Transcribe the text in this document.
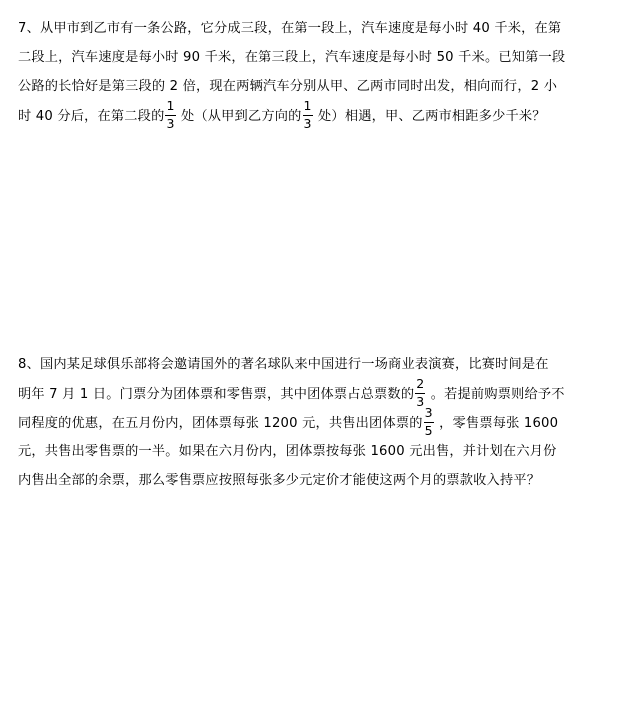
7、从甲市到乙市有一条公路，它分成三段，在第一段上，汽车速度是每小时 40 千米，在第
二段上，汽车速度是每小时 90 千米，在第三段上，汽车速度是每小时 50 千米。已知第一段
公路的长恰好是第三段的 2 倍，现在两辆汽车分别从甲、乙两市同时出发，相向而行，2 小
时 40 分后，在第二段的 $\frac{1}{3}$ 处（从甲到乙方向的 $\frac{1}{3}$ 处）相遇，甲、乙两市相距多少千米？
8、国内某足球俱乐部将会邀请国外的著名球队来中国进行一场商业表演赛，比赛时间是在
明年 7 月 1 日。门票分为团体票和零售票，其中团体票占总票数的 $\frac{2}{3}$ 。若提前购票则给予不
同程度的优惠，在五月份内，团体票每张 1200 元，共售出团体票的 $\frac{3}{5}$ ，零售票每张 1600
元，共售出零售票的一半。如果在六月份内，团体票按每张 1600 元出售，并计划在六月份
内售出全部的余票，那么零售票应按照每张多少元定价才能使这两个月的票款收入持平？
